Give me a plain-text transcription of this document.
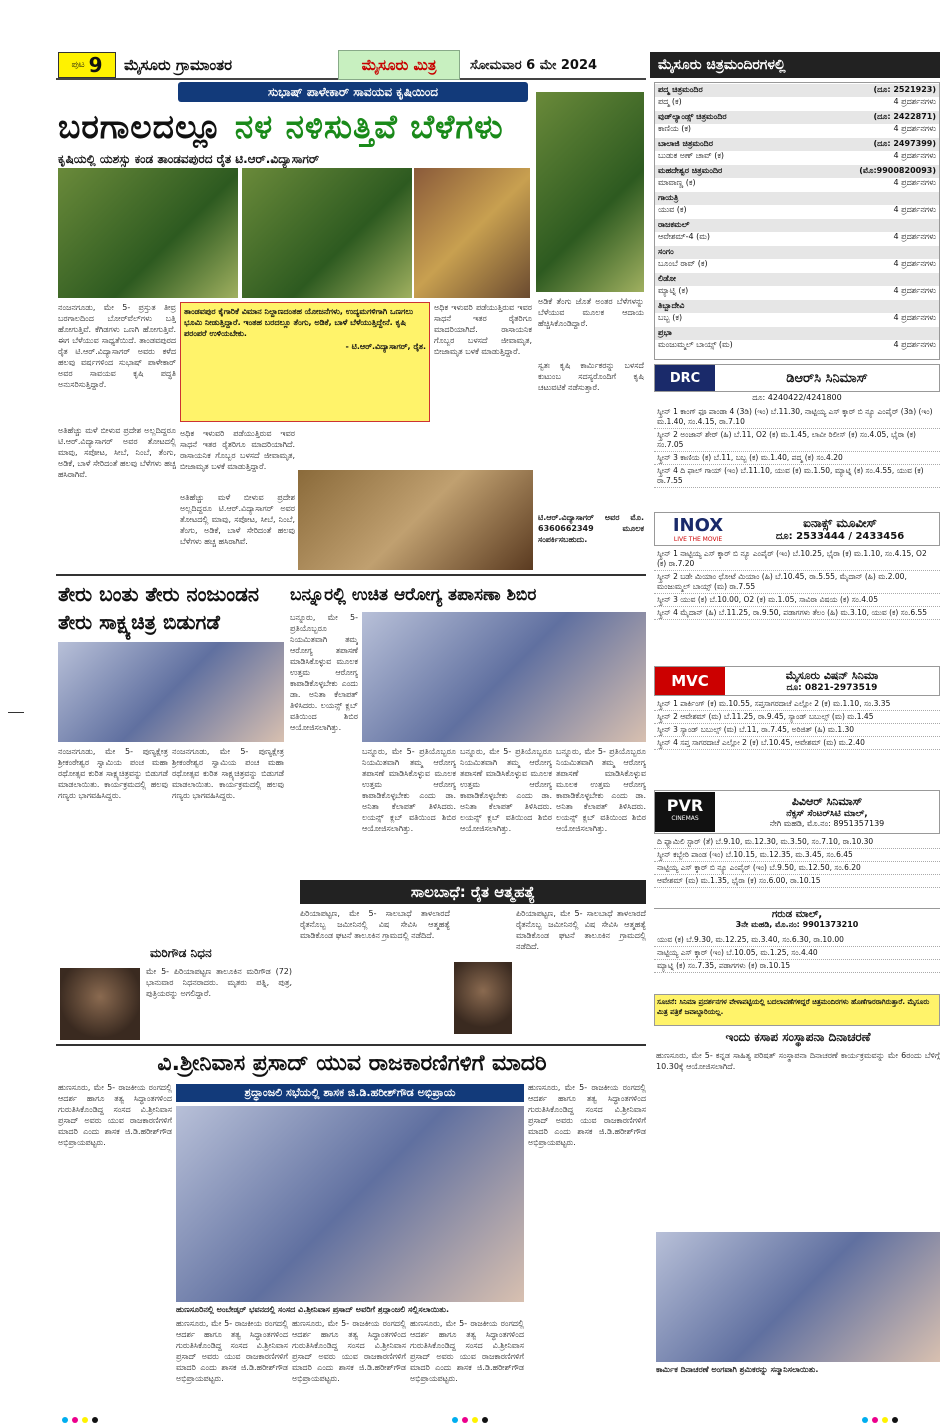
ಪುಟ 9	ಮೈಸೂರು ಗ್ರಾಮಾಂತರ	ಮೈಸೂರು ಮಿತ್ರ	ಸೋಮವಾರ 6 ಮೇ 2024
ಸುಭಾಷ್ ಪಾಳೇಕಾರ್ ಸಾವಯವ ಕೃಷಿಯಿಂದ
ಬರಗಾಲದಲ್ಲೂ ನಳ ನಳಿಸುತ್ತಿವೆ ಬೆಳೆಗಳು
ಕೃಷಿಯಲ್ಲಿ ಯಶಸ್ಸು ಕಂಡ ತಾಂಡವಪುರದ ರೈತ ಟಿ.ಆರ್.ವಿದ್ಯಾಸಾಗರ್
ನಂಜನಗೂಡು, ಮೇ 5- ಪ್ರಸ್ತುತ ತೀವ್ರ ಬರಗಾಲದಿಂದ ಬೋರ್‌ವೆಲ್‌ಗಳು ಬತ್ತಿ ಹೋಗುತ್ತಿವೆ. ಕೆಗಿಡಗಳು ಒಣಗಿ ಹೋಗುತ್ತಿವೆ. ಈಗ ಬೆಳೆಯುವ ಸಾಧ್ಯತೆಯಿದೆ. ತಾಂಡವಪುರದ ರೈತ ಟಿ.ಆರ್.ವಿದ್ಯಾಸಾಗರ್ ಅವರು ಕಳೆದ ಹಲವು ವರ್ಷಗಳಿಂದ ಸುಭಾಷ್ ಪಾಳೇಕಾರ್ ಅವರ ಸಾವಯವ ಕೃಷಿ ಪದ್ಧತಿ ಅನುಸರಿಸುತ್ತಿದ್ದಾರೆ.
ತಾಂಡವಪುರ ಕೈಗಾರಿಕೆ ವಿಮಾನ ನಿಲ್ದಾಣದಂತಹ ಯೋಜನೆಗಳು, ಉದ್ಯಮಗಳಿಗಾಗಿ ಒಣಗಲು ಭೂಮಿ ನೀಡುತ್ತಿದ್ದಾರೆ. ಇಂತಹ ಬರದಲ್ಲೂ ತೆಂಗು, ಅಡಿಕೆ, ಬಾಳೆ ಬೆಳೆಯುತ್ತಿದ್ದೇನೆ. ಕೃಷಿ ಪರಂಪರೆ ಉಳಿಯಬೇಕು.
- ಟಿ.ಆರ್.ವಿದ್ಯಾಸಾಗರ್, ರೈತ.
ಅತಿಹೆಚ್ಚು ಮಳೆ ಬೀಳುವ ಪ್ರದೇಶ ಅಲ್ಲದಿದ್ದರೂ ಟಿ.ಆರ್.ವಿದ್ಯಾಸಾಗರ್ ಅವರ ತೋಟದಲ್ಲಿ ಮಾವು, ಸಪೋಟ, ಸೀಬೆ, ನಿಂಬೆ, ತೆಂಗು, ಅಡಿಕೆ, ಬಾಳೆ ಸೇರಿದಂತೆ ಹಲವು ಬೆಳೆಗಳು ಹಚ್ಚ ಹಸಿರಾಗಿವೆ.
ಅಧಿಕ ಇಳುವರಿ ಪಡೆಯುತ್ತಿರುವ ಇವರ ಸಾಧನೆ ಇತರ ರೈತರಿಗೂ ಮಾದರಿಯಾಗಿದೆ. ರಾಸಾಯನಿಕ ಗೊಬ್ಬರ ಬಳಸದೆ ಜೀವಾಮೃತ, ಬೀಜಾಮೃತ ಬಳಕೆ ಮಾಡುತ್ತಿದ್ದಾರೆ.
ಅತಿಹೆಚ್ಚು ಮಳೆ ಬೀಳುವ ಪ್ರದೇಶ ಅಲ್ಲದಿದ್ದರೂ ಟಿ.ಆರ್.ವಿದ್ಯಾಸಾಗರ್ ಅವರ ತೋಟದಲ್ಲಿ ಮಾವು, ಸಪೋಟ, ಸೀಬೆ, ನಿಂಬೆ, ತೆಂಗು, ಅಡಿಕೆ, ಬಾಳೆ ಸೇರಿದಂತೆ ಹಲವು ಬೆಳೆಗಳು ಹಚ್ಚ ಹಸಿರಾಗಿವೆ.
ಅಧಿಕ ಇಳುವರಿ ಪಡೆಯುತ್ತಿರುವ ಇವರ ಸಾಧನೆ ಇತರ ರೈತರಿಗೂ ಮಾದರಿಯಾಗಿದೆ. ರಾಸಾಯನಿಕ ಗೊಬ್ಬರ ಬಳಸದೆ ಜೀವಾಮೃತ, ಬೀಜಾಮೃತ ಬಳಕೆ ಮಾಡುತ್ತಿದ್ದಾರೆ.
ಅಡಿಕೆ ತೆಂಗು ಜೊತೆ ಅಂತರ ಬೆಳೆಗಳನ್ನು ಬೆಳೆಯುವ ಮೂಲಕ ಆದಾಯ ಹೆಚ್ಚಿಸಿಕೊಂಡಿದ್ದಾರೆ.
ಸ್ವತಃ ಕೃಷಿ ಕಾರ್ಮಿಕರನ್ನು ಬಳಸದೆ ಕುಟುಂಬ ಸದಸ್ಯರೊಂದಿಗೆ ಕೃಷಿ ಚಟುವಟಿಕೆ ನಡೆಸುತ್ತಾರೆ.
ಟಿ.ಆರ್.ವಿದ್ಯಾಸಾಗರ್ ಅವರ ಮೊ. 6360662349 ಮೂಲಕ ಸಂಪರ್ಕಿಸಬಹುದು.
ತೇರು ಬಂತು ತೇರು ನಂಜುಂಡನ ತೇರು ಸಾಕ್ಷ್ಯಚಿತ್ರ ಬಿಡುಗಡೆ
ನಂಜನಗೂಡು, ಮೇ 5- ಪುಣ್ಯಕ್ಷೇತ್ರ ಶ್ರೀಕಂಠೇಶ್ವರ ಸ್ವಾಮಿಯ ಪಂಚ ಮಹಾ ರಥೋತ್ಸವ ಕುರಿತ ಸಾಕ್ಷ್ಯಚಿತ್ರವನ್ನು ಬಿಡುಗಡೆ ಮಾಡಲಾಯಿತು. ಕಾರ್ಯಕ್ರಮದಲ್ಲಿ ಹಲವು ಗಣ್ಯರು ಭಾಗವಹಿಸಿದ್ದರು.
ನಂಜನಗೂಡು, ಮೇ 5- ಪುಣ್ಯಕ್ಷೇತ್ರ ಶ್ರೀಕಂಠೇಶ್ವರ ಸ್ವಾಮಿಯ ಪಂಚ ಮಹಾ ರಥೋತ್ಸವ ಕುರಿತ ಸಾಕ್ಷ್ಯಚಿತ್ರವನ್ನು ಬಿಡುಗಡೆ ಮಾಡಲಾಯಿತು. ಕಾರ್ಯಕ್ರಮದಲ್ಲಿ ಹಲವು ಗಣ್ಯರು ಭಾಗವಹಿಸಿದ್ದರು.
ಬನ್ನೂರಲ್ಲಿ ಉಚಿತ ಆರೋಗ್ಯ ತಪಾಸಣಾ ಶಿಬಿರ
ಬನ್ನೂರು, ಮೇ 5- ಪ್ರತಿಯೊಬ್ಬರೂ ನಿಯಮಿತವಾಗಿ ತಮ್ಮ ಆರೋಗ್ಯ ತಪಾಸಣೆ ಮಾಡಿಸಿಕೊಳ್ಳುವ ಮೂಲಕ ಉತ್ತಮ ಆರೋಗ್ಯ ಕಾಪಾಡಿಕೊಳ್ಳಬೇಕು ಎಂದು ಡಾ. ಅನಿತಾ ಕೆಲಾಪತ್ ತಿಳಿಸಿದರು. ಲಯನ್ಸ್ ಕ್ಲಬ್ ವತಿಯಿಂದ ಶಿಬಿರ ಆಯೋಜಿಸಲಾಗಿತ್ತು.
ಬನ್ನೂರು, ಮೇ 5- ಪ್ರತಿಯೊಬ್ಬರೂ ನಿಯಮಿತವಾಗಿ ತಮ್ಮ ಆರೋಗ್ಯ ತಪಾಸಣೆ ಮಾಡಿಸಿಕೊಳ್ಳುವ ಮೂಲಕ ಉತ್ತಮ ಆರೋಗ್ಯ ಕಾಪಾಡಿಕೊಳ್ಳಬೇಕು ಎಂದು ಡಾ. ಅನಿತಾ ಕೆಲಾಪತ್ ತಿಳಿಸಿದರು. ಲಯನ್ಸ್ ಕ್ಲಬ್ ವತಿಯಿಂದ ಶಿಬಿರ ಆಯೋಜಿಸಲಾಗಿತ್ತು.
ಬನ್ನೂರು, ಮೇ 5- ಪ್ರತಿಯೊಬ್ಬರೂ ನಿಯಮಿತವಾಗಿ ತಮ್ಮ ಆರೋಗ್ಯ ತಪಾಸಣೆ ಮಾಡಿಸಿಕೊಳ್ಳುವ ಮೂಲಕ ಉತ್ತಮ ಆರೋಗ್ಯ ಕಾಪಾಡಿಕೊಳ್ಳಬೇಕು ಎಂದು ಡಾ. ಅನಿತಾ ಕೆಲಾಪತ್ ತಿಳಿಸಿದರು. ಲಯನ್ಸ್ ಕ್ಲಬ್ ವತಿಯಿಂದ ಶಿಬಿರ ಆಯೋಜಿಸಲಾಗಿತ್ತು.
ಬನ್ನೂರು, ಮೇ 5- ಪ್ರತಿಯೊಬ್ಬರೂ ನಿಯಮಿತವಾಗಿ ತಮ್ಮ ಆರೋಗ್ಯ ತಪಾಸಣೆ ಮಾಡಿಸಿಕೊಳ್ಳುವ ಮೂಲಕ ಉತ್ತಮ ಆರೋಗ್ಯ ಕಾಪಾಡಿಕೊಳ್ಳಬೇಕು ಎಂದು ಡಾ. ಅನಿತಾ ಕೆಲಾಪತ್ ತಿಳಿಸಿದರು. ಲಯನ್ಸ್ ಕ್ಲಬ್ ವತಿಯಿಂದ ಶಿಬಿರ ಆಯೋಜಿಸಲಾಗಿತ್ತು.
ಸಾಲಬಾಧೆ: ರೈತ ಆತ್ಮಹತ್ಯೆ
ಪಿರಿಯಾಪಟ್ಟಣ, ಮೇ 5- ಸಾಲಬಾಧೆ ತಾಳಲಾರದೆ ರೈತನೊಬ್ಬ ಜಮೀನಿನಲ್ಲಿ ವಿಷ ಸೇವಿಸಿ ಆತ್ಮಹತ್ಯೆ ಮಾಡಿಕೊಂಡ ಘಟನೆ ತಾಲೂಕಿನ ಗ್ರಾಮದಲ್ಲಿ ನಡೆದಿದೆ.
ಪಿರಿಯಾಪಟ್ಟಣ, ಮೇ 5- ಸಾಲಬಾಧೆ ತಾಳಲಾರದೆ ರೈತನೊಬ್ಬ ಜಮೀನಿನಲ್ಲಿ ವಿಷ ಸೇವಿಸಿ ಆತ್ಮಹತ್ಯೆ ಮಾಡಿಕೊಂಡ ಘಟನೆ ತಾಲೂಕಿನ ಗ್ರಾಮದಲ್ಲಿ ನಡೆದಿದೆ.
ಮರಿಗೌಡ ನಿಧನ
ಮೇ 5- ಪಿರಿಯಾಪಟ್ಟಣ ತಾಲೂಕಿನ ಮರಿಗೌಡ (72) ಭಾನುವಾರ ನಿಧನರಾದರು. ಮೃತರು ಪತ್ನಿ, ಪುತ್ರ, ಪುತ್ರಿಯರನ್ನು ಅಗಲಿದ್ದಾರೆ.
ವಿ.ಶ್ರೀನಿವಾಸ ಪ್ರಸಾದ್ ಯುವ ರಾಜಕಾರಣಿಗಳಿಗೆ ಮಾದರಿ
ಶ್ರದ್ಧಾಂಜಲಿ ಸಭೆಯಲ್ಲಿ ಶಾಸಕ ಜಿ.ಡಿ.ಹರೀಶ್‌ಗೌಡ ಅಭಿಪ್ರಾಯ
ಹುಣಸೂರು, ಮೇ 5- ರಾಜಕೀಯ ರಂಗದಲ್ಲಿ ಆದರ್ಶ ಹಾಗೂ ತತ್ವ ಸಿದ್ಧಾಂತಗಳಿಂದ ಗುರುತಿಸಿಕೊಂಡಿದ್ದ ಸಂಸದ ವಿ.ಶ್ರೀನಿವಾಸ ಪ್ರಸಾದ್ ಅವರು ಯುವ ರಾಜಕಾರಣಿಗಳಿಗೆ ಮಾದರಿ ಎಂದು ಶಾಸಕ ಜಿ.ಡಿ.ಹರೀಶ್‌ಗೌಡ ಅಭಿಪ್ರಾಯಪಟ್ಟರು.
ಹುಣಸೂರಿನಲ್ಲಿ ಅಂಬೇಡ್ಕರ್ ಭವನದಲ್ಲಿ ಸಂಸದ ವಿ.ಶ್ರೀನಿವಾಸ ಪ್ರಸಾದ್ ಅವರಿಗೆ ಶ್ರದ್ಧಾಂಜಲಿ ಸಲ್ಲಿಸಲಾಯಿತು.
ಹುಣಸೂರು, ಮೇ 5- ರಾಜಕೀಯ ರಂಗದಲ್ಲಿ ಆದರ್ಶ ಹಾಗೂ ತತ್ವ ಸಿದ್ಧಾಂತಗಳಿಂದ ಗುರುತಿಸಿಕೊಂಡಿದ್ದ ಸಂಸದ ವಿ.ಶ್ರೀನಿವಾಸ ಪ್ರಸಾದ್ ಅವರು ಯುವ ರಾಜಕಾರಣಿಗಳಿಗೆ ಮಾದರಿ ಎಂದು ಶಾಸಕ ಜಿ.ಡಿ.ಹರೀಶ್‌ಗೌಡ ಅಭಿಪ್ರಾಯಪಟ್ಟರು.
ಹುಣಸೂರು, ಮೇ 5- ರಾಜಕೀಯ ರಂಗದಲ್ಲಿ ಆದರ್ಶ ಹಾಗೂ ತತ್ವ ಸಿದ್ಧಾಂತಗಳಿಂದ ಗುರುತಿಸಿಕೊಂಡಿದ್ದ ಸಂಸದ ವಿ.ಶ್ರೀನಿವಾಸ ಪ್ರಸಾದ್ ಅವರು ಯುವ ರಾಜಕಾರಣಿಗಳಿಗೆ ಮಾದರಿ ಎಂದು ಶಾಸಕ ಜಿ.ಡಿ.ಹರೀಶ್‌ಗೌಡ ಅಭಿಪ್ರಾಯಪಟ್ಟರು.
ಹುಣಸೂರು, ಮೇ 5- ರಾಜಕೀಯ ರಂಗದಲ್ಲಿ ಆದರ್ಶ ಹಾಗೂ ತತ್ವ ಸಿದ್ಧಾಂತಗಳಿಂದ ಗುರುತಿಸಿಕೊಂಡಿದ್ದ ಸಂಸದ ವಿ.ಶ್ರೀನಿವಾಸ ಪ್ರಸಾದ್ ಅವರು ಯುವ ರಾಜಕಾರಣಿಗಳಿಗೆ ಮಾದರಿ ಎಂದು ಶಾಸಕ ಜಿ.ಡಿ.ಹರೀಶ್‌ಗೌಡ ಅಭಿಪ್ರಾಯಪಟ್ಟರು.
ಹುಣಸೂರು, ಮೇ 5- ರಾಜಕೀಯ ರಂಗದಲ್ಲಿ ಆದರ್ಶ ಹಾಗೂ ತತ್ವ ಸಿದ್ಧಾಂತಗಳಿಂದ ಗುರುತಿಸಿಕೊಂಡಿದ್ದ ಸಂಸದ ವಿ.ಶ್ರೀನಿವಾಸ ಪ್ರಸಾದ್ ಅವರು ಯುವ ರಾಜಕಾರಣಿಗಳಿಗೆ ಮಾದರಿ ಎಂದು ಶಾಸಕ ಜಿ.ಡಿ.ಹರೀಶ್‌ಗೌಡ ಅಭಿಪ್ರಾಯಪಟ್ಟರು.
ಇಂದು ಕಸಾಪ ಸಂಸ್ಥಾಪನಾ ದಿನಾಚರಣೆ
ಹುಣಸೂರು, ಮೇ 5- ಕನ್ನಡ ಸಾಹಿತ್ಯ ಪರಿಷತ್ ಸಂಸ್ಥಾಪನಾ ದಿನಾಚರಣೆ ಕಾರ್ಯಕ್ರಮವನ್ನು ಮೇ 6ರಂದು ಬೆಳಿಗ್ಗೆ 10.30ಕ್ಕೆ ಆಯೋಜಿಸಲಾಗಿದೆ.
ಕಾರ್ಮಿಕ ದಿನಾಚರಣೆ ಅಂಗವಾಗಿ ಶ್ರಮಿಕರನ್ನು ಸನ್ಮಾನಿಸಲಾಯಿತು.
ಮೈಸೂರು ಚಿತ್ರಮಂದಿರಗಳಲ್ಲಿ
ಪದ್ಮ ಚಿತ್ರಮಂದಿರ	(ದೂ: 2521923)
ಪದ್ಮ (ಕ)	4 ಪ್ರದರ್ಶನಗಳು
ವುಡ್‌ಲ್ಯಾಂಡ್ಸ್ ಚಿತ್ರಮಂದಿರ	(ದೂ: 2422871)
ಕಾಣಿಯ (ಕ)	4 ಪ್ರದರ್ಶನಗಳು
ಬಾಲಾಜಿ ಚಿತ್ರಮಂದಿರ	(ದೂ: 2497399)
ಬುಡುಕ ಅಣ್ ಚಾವ್ (ಕ)	4 ಪ್ರದರ್ಶನಗಳು
ಮಹದೇಶ್ವರ ಚಿತ್ರಮಂದಿರ	(ಮೊ:9900820093)
ಮಾವಾಣ್ಣ (ಕ)	4 ಪ್ರದರ್ಶನಗಳು
ಗಾಯತ್ರಿ
ಯುವ (ಕ)	4 ಪ್ರದರ್ಶನಗಳು
ರಾಜಕಮಲ್
ಆವೇಶಮ್-4 (ಮ)	4 ಪ್ರದರ್ಶನಗಳು
ಸಂಗಂ
ಬೂಂಬೆ ರಾವ್ (ಕ)	4 ಪ್ರದರ್ಶನಗಳು
ಲಿಡೋ
ಮ್ಯಾಟ್ನಿ (ಕ)	4 ಪ್ರದರ್ಶನಗಳು
ತಿಬ್ಬಾದೇವಿ
ಬಬ್ಬ (ಕ)	4 ಪ್ರದರ್ಶನಗಳು
ಪ್ರಭಾ
ಮಂಜುಮ್ಮಲ್ ಬಾಯ್ಸ್ (ಮ)	4 ಪ್ರದರ್ಶನಗಳು
DRC	ಡಿಆರ್‌ಸಿ ಸಿನಿಮಾಸ್
ದೂ: 4240422/4241800
ಸ್ಕ್ರೀನ್ 1 ಕಾಂಗ್ ಫೂ ಪಾಂಡಾ 4 (3ಡಿ) (ಇಂ) ಬೆ.11.30, ನಾಟ್ಟಿಯ್ಯ ಎಸ್ ಕ್ಕಾರ್ ಬಿ ನ್ಯೂ ಎಂಪೈರ್ (3ಡಿ) (ಇಂ) ಮ.1.40, ಸಂ.4.15, ರಾ.7.10
ಸ್ಕ್ರೀನ್ 2 ಅಂಜಾನ್ ಶೇರ್ (ಹಿ) ಬೆ.11, O2 (ಕ) ಮ.1.45, ಲಾವೀ ರಿಲೀಸ್ (ಕ) ಸಂ.4.05, ಭೈರಾ (ಕ) ಸಂ.7.05
ಸ್ಕ್ರೀನ್ 3 ಕಾಣಿಯ (ಕ) ಬೆ.11, ಬಬ್ಬ (ಕ) ಮ.1.40, ಪದ್ಮ (ಕ) ಸಂ.4.20
ಸ್ಕ್ರೀನ್ 4 ದಿ ಫಾಲ್ ಗಾಯ್ (ಇಂ) ಬೆ.11.10, ಯುವ (ಕ) ಮ.1.50, ಮ್ಯಾಟ್ನಿ (ಕ) ಸಂ.4.55, ಯುವ (ಕ) ರಾ.7.55
INOX
LIVE THE MOVIE
ಐನಾಕ್ಸ್ ಮೂವೀಸ್
ದೂ: 2533444 / 2433456
ಸ್ಕ್ರೀನ್ 1 ನಾಟ್ಟಿಯ್ಯ ಎಸ್ ಕ್ಕಾರ್ ಬಿ ನ್ಯೂ ಎಂಪೈರ್ (ಇಂ) ಬೆ.10.25, ಭೈರಾ (ಕ) ಮ.1.10, ಸಂ.4.15, O2 (ಕ) ರಾ.7.20
ಸ್ಕ್ರೀನ್ 2 ಬಡೇ ಮಿಯಾಂ ಛೋಟೆ ಮಿಯಾಂ (ಹಿ) ಬೆ.10.45, ರಾ.5.55, ಮೈದಾನ್ (ಹಿ) ಮ.2.00, ಮಂಜುಮ್ಮಲ್ ಬಾಯ್ಸ್ (ಮ) ರಾ.7.55
ಸ್ಕ್ರೀನ್ 3 ಯುವ (ಕ) ಬೆ.10.00, O2 (ಕ) ಮ.1.05, ಸಾವಿರಾ ವಿಷಯ (ಕ) ಸಂ.4.05
ಸ್ಕ್ರೀನ್ 4 ಮೈದಾನ್ (ಹಿ) ಬೆ.11.25, ರಾ.9.50, ಪಡಾಗಗಳು ತೆಲಂ (ಹಿ) ಮ.3.10, ಯುವ (ಕ) ಸಂ.6.55
MVC	ಮೈಸೂರು ವಿಷನ್ ಸಿನಿಮಾ
ದೂ: 0821-2973519
ಸ್ಕ್ರೀನ್ 1 ಪಾರ್ಕಿಂಗ್ (ಕ) ಮ.10.55, ಸಪ್ತಸಾಗರದಾಚೆ ಎಲ್ಲೋ 2 (ಕ) ಮ.1.10, ಸಂ.3.35
ಸ್ಕ್ರೀನ್ 2 ಆವೇಶಮ್ (ಮ) ಬೆ.11.25, ರಾ.9.45, ಸ್ಯಾಂಡ್ ಬಬುಲ್ಸ್ (ಮ) ಮ.1.45
ಸ್ಕ್ರೀನ್ 3 ಸ್ಯಾಂಡ್ ಬಬುಲ್ಸ್ (ಮ) ಬೆ.11, ರಾ.7.45, ಅರಿಜಿತ್ (ಹಿ) ಮ.1.30
ಸ್ಕ್ರೀನ್ 4 ಸಪ್ತ ಸಾಗರದಾಚೆ ಎಲ್ಲೋ 2 (ಕ) ಬೆ.10.45, ಆವೇಶಮ್ (ಮ) ಮ.2.40
PVR
CINEMAS
ಪಿವಿಆರ್ ಸಿನಿಮಾಸ್
ನೆಕ್ಸಸ್ ಸೆಂಟರ್‌ಸಿಟಿ ಮಾಲ್,
ನೇಗಿ ಮಹಡಿ, ಮೊ.ನಂ: 8951357139
ದಿ ಫ್ಯಾಮಿಲಿ ಸ್ಟಾರ್ (ತೆ) ಬೆ.9.10, ಮ.12.30, ಮ.3.50, ಸಂ.7.10, ರಾ.10.30
ಸ್ಕ್ರೀನ್ ಕಬ್ಬೇರಿ ಪಾಂಡ (ಇಂ) ಬೆ.10.15, ಮ.12.35, ಮ.3.45, ಸಂ.6.45
ನಾಟ್ಟಿಯ್ಯ ಎಸ್ ಕ್ಕಾರ್ ಬಿ ನ್ಯೂ ಎಂಪೈರ್ (ಇಂ) ಬೆ.9.50, ಮ.12.50, ಸಂ.6.20
ಆವೇಶಮ್ (ಮ) ಮ.1.35, ಭೈರಾ (ಕ) ಸಂ.6.00, ರಾ.10.15
ಗರುಡ ಮಾಲ್,
3ನೇ ಮಹಡಿ, ಮೊ.ನಂ: 9901373210
ಯುವ (ಕ) ಬೆ.9.30, ಮ.12.25, ಮ.3.40, ಸಂ.6.30, ರಾ.10.00
ನಾಟ್ಟಿಯ್ಯ ಎಸ್ ಕ್ಕಾರ್ (ಇಂ) ಬೆ.10.05, ಮ.1.25, ಸಂ.4.40
ಮ್ಯಾಟ್ನಿ (ಕ) ಸಂ.7.35, ಪಡಾಗಗಳು (ಕ) ರಾ.10.15
ಸೂಚನೆ: ಸಿನಿಮಾ ಪ್ರದರ್ಶನಗಳ ವೇಳಾಪಟ್ಟಿಯಲ್ಲಿ ಬದಲಾವಣೆಗಳಿದ್ದರೆ ಚಿತ್ರಮಂದಿರಗಳು ಹೊಣೆಗಾರರಾಗಿರುತ್ತಾರೆ. ಮೈಸೂರು ಮಿತ್ರ ಪತ್ರಿಕೆ ಜವಾಬ್ದಾರಿಯಲ್ಲ.
